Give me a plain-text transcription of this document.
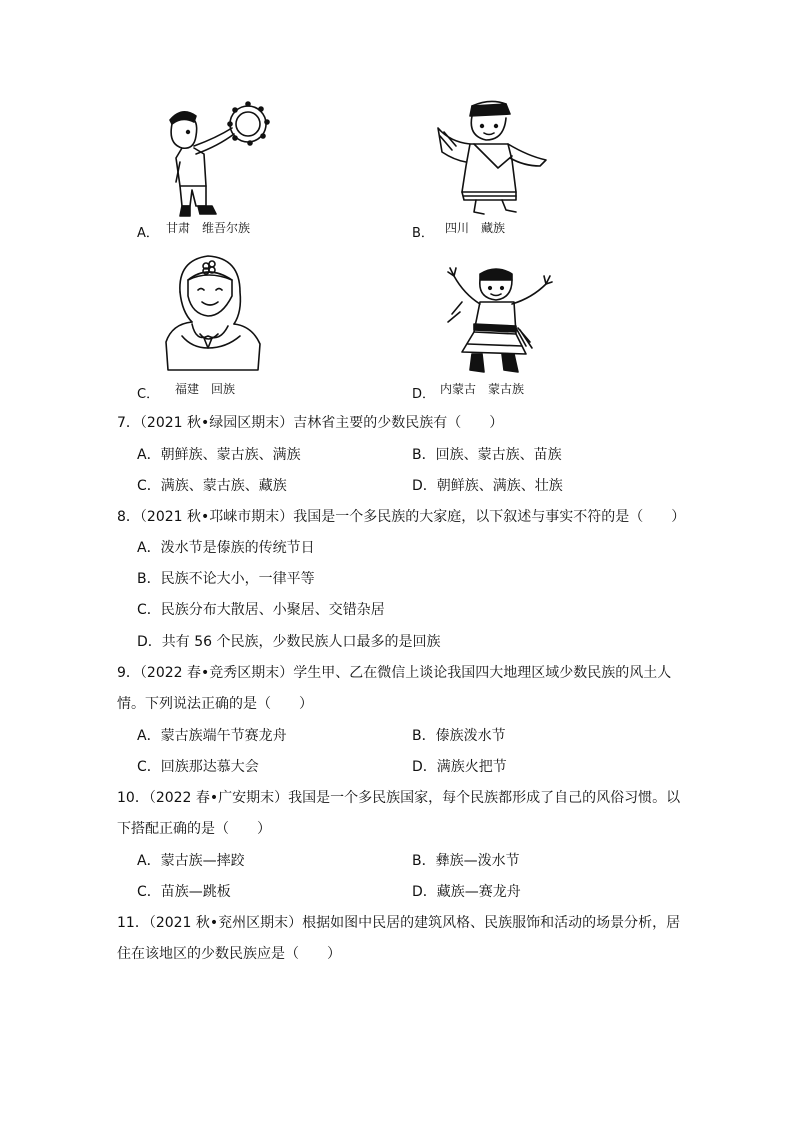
A． 甘肃　维吾尔族	B． 四川　藏族
C． 福建　回族	D． 内蒙古　蒙古族
7．（2021 秋•绿园区期末）吉林省主要的少数民族有（　　）
A．朝鲜族、蒙古族、满族	B．回族、蒙古族、苗族
C．满族、蒙古族、藏族	D．朝鲜族、满族、壮族
8．（2021 秋•邛崃市期末）我国是一个多民族的大家庭，以下叙述与事实不符的是（　　）
A．泼水节是傣族的传统节日
B．民族不论大小，一律平等
C．民族分布大散居、小聚居、交错杂居
D．共有 56 个民族，少数民族人口最多的是回族
9．（2022 春•竞秀区期末）学生甲、乙在微信上谈论我国四大地理区域少数民族的风土人
情。下列说法正确的是（　　）
A．蒙古族端午节赛龙舟	B．傣族泼水节
C．回族那达慕大会	D．满族火把节
10．（2022 春•广安期末）我国是一个多民族国家，每个民族都形成了自己的风俗习惯。以
下搭配正确的是（　　）
A．蒙古族—摔跤	B．彝族—泼水节
C．苗族—跳板	D．藏族—赛龙舟
11．（2021 秋•兖州区期末）根据如图中民居的建筑风格、民族服饰和活动的场景分析，居
住在该地区的少数民族应是（　　）
